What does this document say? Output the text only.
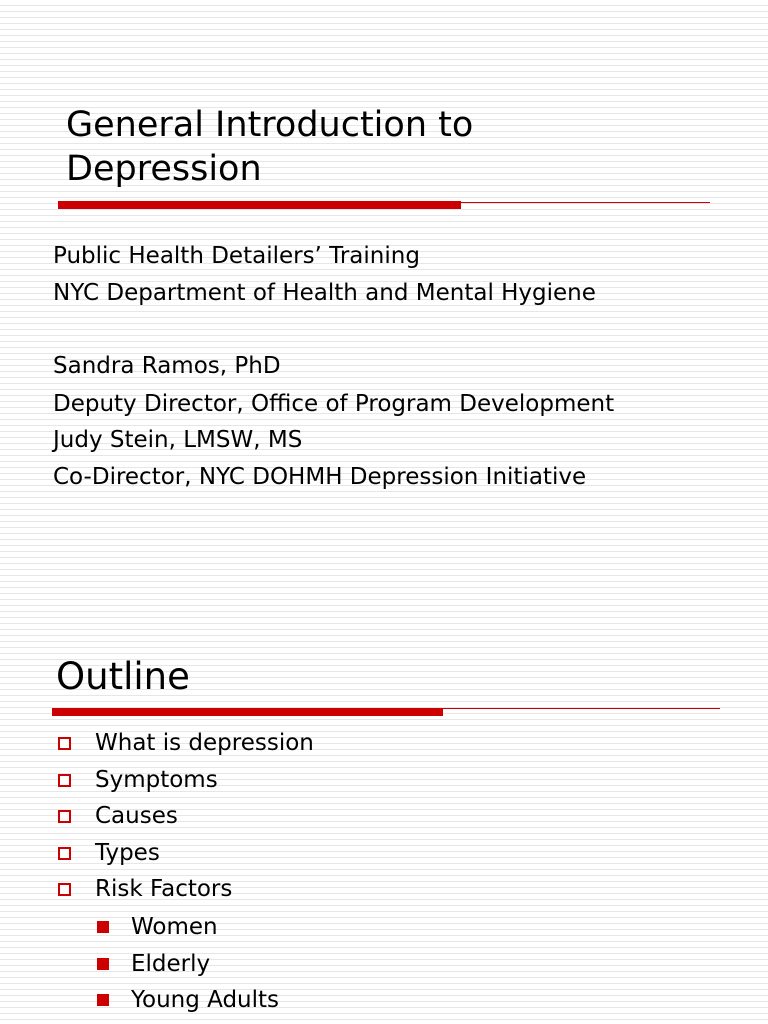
General Introduction to
Depression
Public Health Detailers’ Training
NYC Department of Health and Mental Hygiene
Sandra Ramos, PhD
Deputy Director, Office of Program Development
Judy Stein, LMSW, MS
Co-Director, NYC DOHMH Depression Initiative
Outline
What is depression
Symptoms
Causes
Types
Risk Factors
Women
Elderly
Young Adults
